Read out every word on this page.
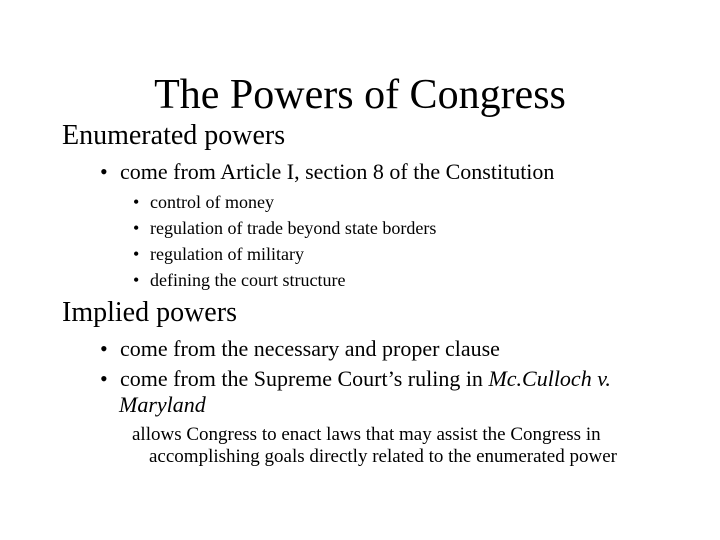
The Powers of Congress
Enumerated powers
• come from Article I, section 8 of the Constitution
• control of money
• regulation of trade beyond state borders
• regulation of military
• defining the court structure
Implied powers
• come from the necessary and proper clause
• come from the Supreme Court’s ruling in Mc.Culloch v.
Maryland
allows Congress to enact laws that may assist the Congress in
accomplishing goals directly related to the enumerated power
